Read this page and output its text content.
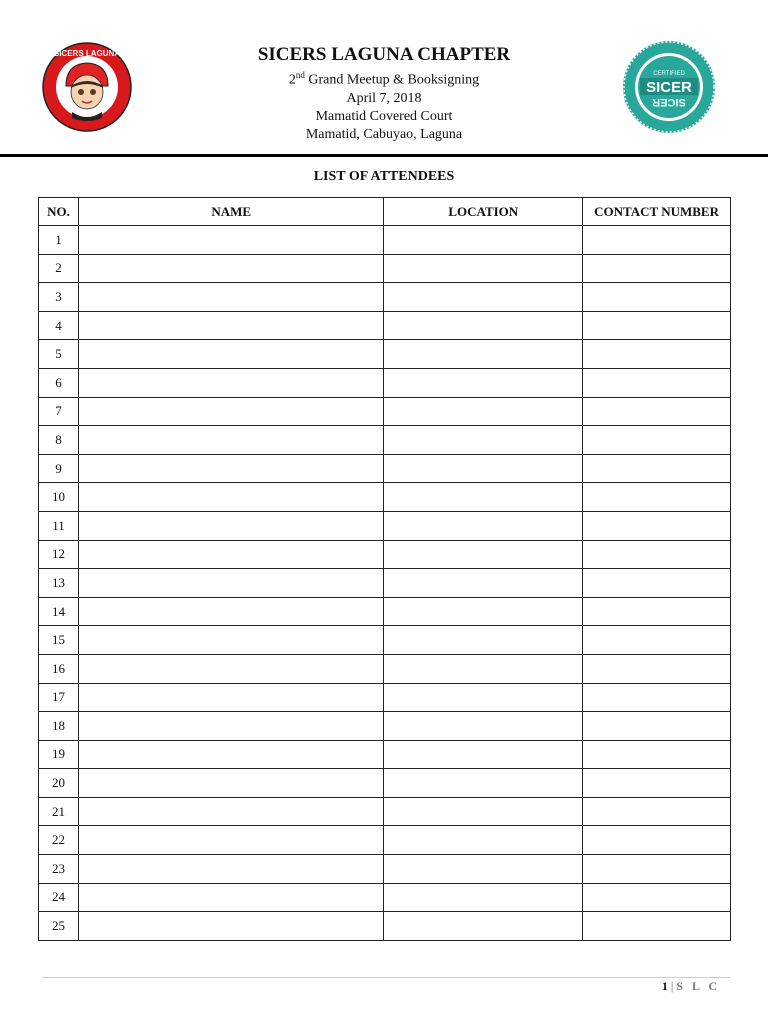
SICERS LAGUNA
SICER
CERTIFIED
SICER
SICERS LAGUNA CHAPTER
2nd Grand Meetup & Booksigning
April 7, 2018
Mamatid Covered Court
Mamatid, Cabuyao, Laguna
LIST OF ATTENDEES
NO.	NAME	LOCATION	CONTACT NUMBER
1			
2			
3			
4			
5			
6			
7			
8			
9			
10			
11			
12			
13			
14			
15			
16			
17			
18			
19			
20			
21			
22			
23			
24			
25			
1 | S L C
